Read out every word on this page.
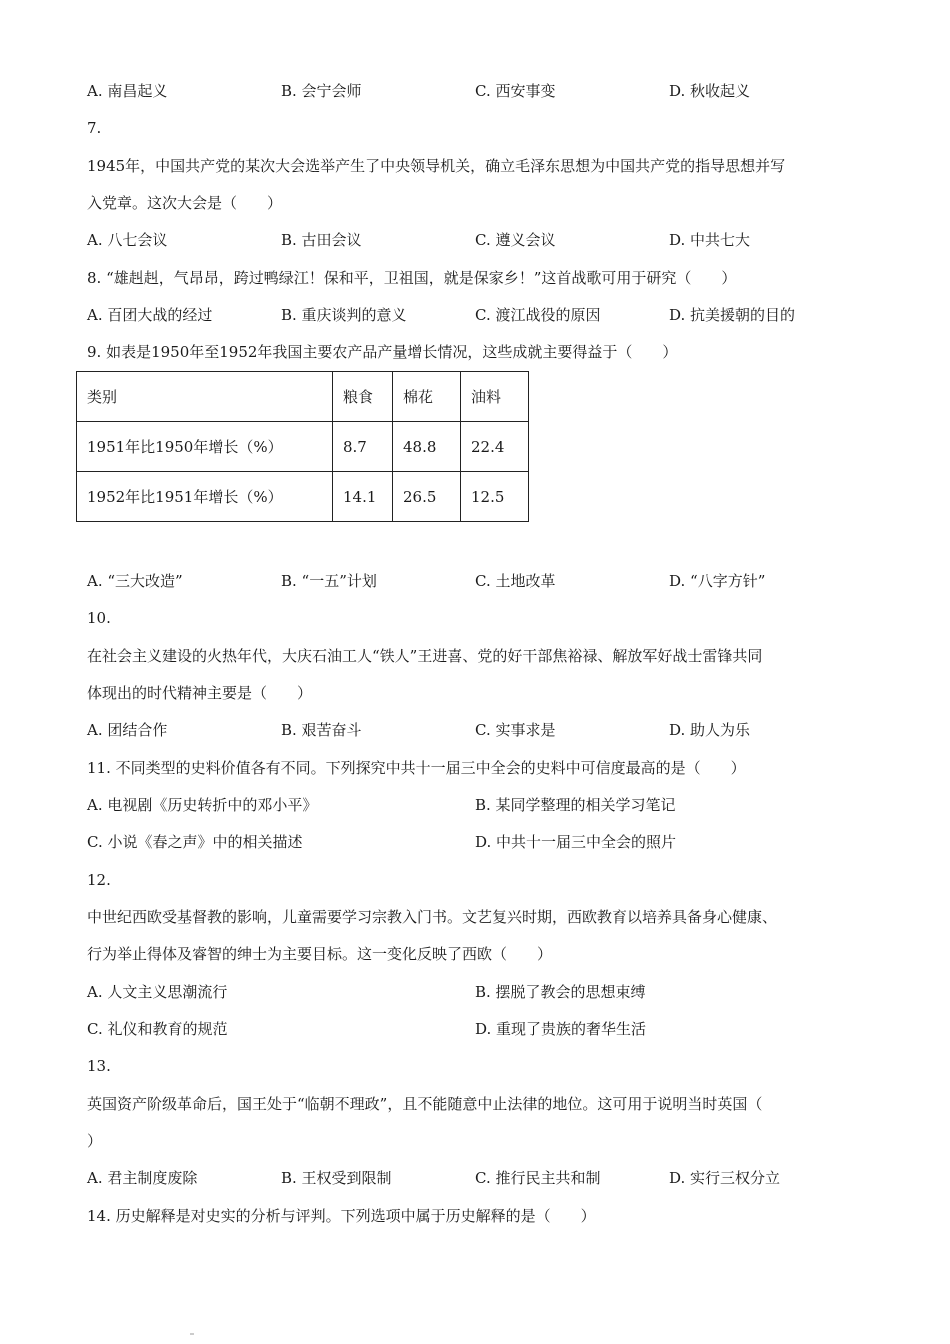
A. 南昌起义	B. 会宁会师	C. 西安事变	D. 秋收起义
7.
1945年，中国共产党的某次大会选举产生了中央领导机关，确立毛泽东思想为中国共产党的指导思想并写
入党章。这次大会是（　　）
A. 八七会议	B. 古田会议	C. 遵义会议	D. 中共七大
8. “雄赳赳，气昂昂，跨过鸭绿江！保和平，卫祖国，就是保家乡！”这首战歌可用于研究（　　）
A. 百团大战的经过	B. 重庆谈判的意义	C. 渡江战役的原因	D. 抗美援朝的目的
9. 如表是1950年至1952年我国主要农产品产量增长情况，这些成就主要得益于（　　）
类别	粮食	棉花	油料
1951年比1950年增长（%）	8.7	48.8	22.4
1952年比1951年增长（%）	14.1	26.5	12.5
A. “三大改造”	B. “一五”计划	C. 土地改革	D. “八字方针”
10.
在社会主义建设的火热年代，大庆石油工人“铁人”王进喜、党的好干部焦裕禄、解放军好战士雷锋共同
体现出的时代精神主要是（　　）
A. 团结合作	B. 艰苦奋斗	C. 实事求是	D. 助人为乐
11. 不同类型的史料价值各有不同。下列探究中共十一届三中全会的史料中可信度最高的是（　　）
A. 电视剧《历史转折中的邓小平》	B. 某同学整理的相关学习笔记
C. 小说《春之声》中的相关描述	D. 中共十一届三中全会的照片
12.
中世纪西欧受基督教的影响，儿童需要学习宗教入门书。文艺复兴时期，西欧教育以培养具备身心健康、
行为举止得体及睿智的绅士为主要目标。这一变化反映了西欧（　　）
A. 人文主义思潮流行	B. 摆脱了教会的思想束缚
C. 礼仪和教育的规范	D. 重现了贵族的奢华生活
13.
英国资产阶级革命后，国王处于“临朝不理政”，且不能随意中止法律的地位。这可用于说明当时英国（
）
A. 君主制度废除	B. 王权受到限制	C. 推行民主共和制	D. 实行三权分立
14. 历史解释是对史实的分析与评判。下列选项中属于历史解释的是（　　）
